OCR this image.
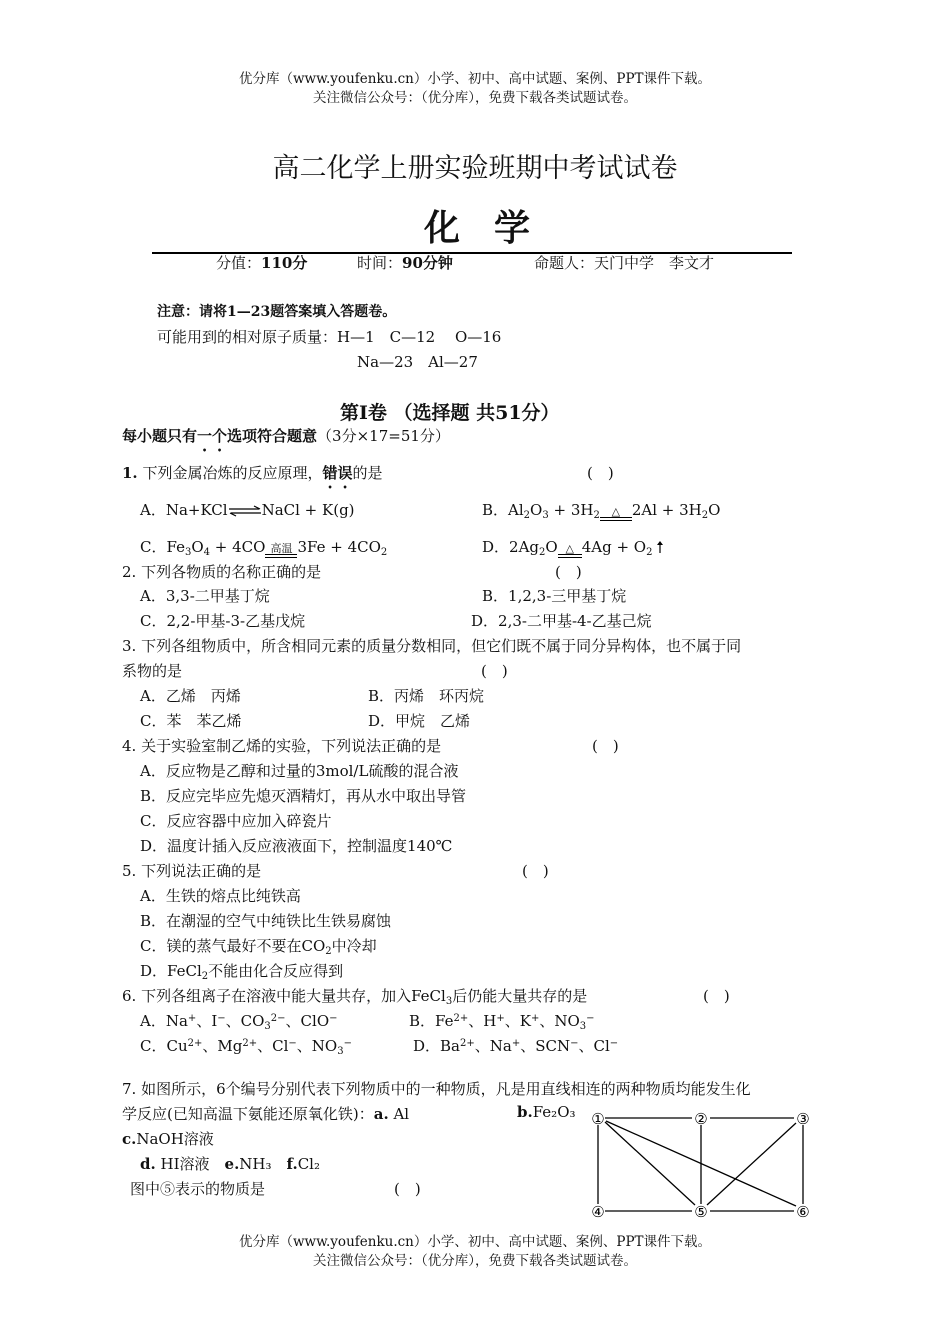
优分库（www.youfenku.cn）小学、初中、高中试题、案例、PPT课件下载。
关注微信公众号：（优分库），免费下载各类试题试卷。
高二化学上册实验班期中考试试卷
化学
分值：110分	时间：90分钟	命题人：天门中学　李文才
注意：请将1—23题答案填入答题卷。
可能用到的相对原子质量：H—1　C—12　 O—16
Na—23　Al—27
第Ⅰ卷 （选择题 共51分）
每小题只有一个选项符合题意（3分×17=51分）
1. 下列金属冶炼的反应原理，错误的是	(　)
A．Na+KCl⇌NaCl + K(g)	B．$Al_2O_3 + 3H_2$	△ $2Al + 3H_2O$
C．$Fe_3O_4 + 4CO$ 高温 $3Fe + 4CO_2$	D．$2Ag_2O$ △ $4Ag + O_2$
2. 下列各物质的名称正确的是	(　)
A．3,3-二甲基丁烷	B．1,2,3-三甲基丁烷
C．2,2-甲基-3-乙基戊烷	D．2,3-二甲基-4-乙基己烷
3. 下列各组物质中，所含相同元素的质量分数相同，但它们既不属于同分异构体，也不属于同
系物的是	(　)
A．乙烯　丙烯	B．丙烯　环丙烷
C．苯　苯乙烯	D．甲烷　乙烯
4. 关于实验室制乙烯的实验，下列说法正确的是	(　)
A．反应物是乙醇和过量的3mol/L硫酸的混合液
B．反应完毕应先熄灭酒精灯，再从水中取出导管
C．反应容器中应加入碎瓷片
D．温度计插入反应液液面下，控制温度140℃
5. 下列说法正确的是	(　)
A．生铁的熔点比纯铁高
B．在潮湿的空气中纯铁比生铁易腐蚀
C．镁的蒸气最好不要在$CO_2$中冷却
D．FeCl$_2$不能由化合反应得到
6. 下列各组离子在溶液中能大量共存，加入FeCl$_3$后仍能大量共存的是	(　)
A．Na+、I−、$CO_3^{2-}$、ClO−	B．$Fe^{2+}$、H+、K+、$NO_3^-$
C．$Cu^{2+}$、$Mg^{2+}$、Cl−、$NO_3^-$	D．$Ba^{2+}$、Na+、SCN−、Cl−
7. 如图所示，6个编号分别代表下列物质中的一种物质，凡是用直线相连的两种物质均能发生化
学反应(已知高温下氨能还原氧化铁)：a. Al	b.Fe₂O₃
c.NaOH溶液
d. HI溶液　 e.NH₃　 f.Cl₂
图中⑤表示的物质是	(　)
①	②	③
④	⑤	⑥
优分库（www.youfenku.cn）小学、初中、高中试题、案例、PPT课件下载。
关注微信公众号：（优分库），免费下载各类试题试卷。
